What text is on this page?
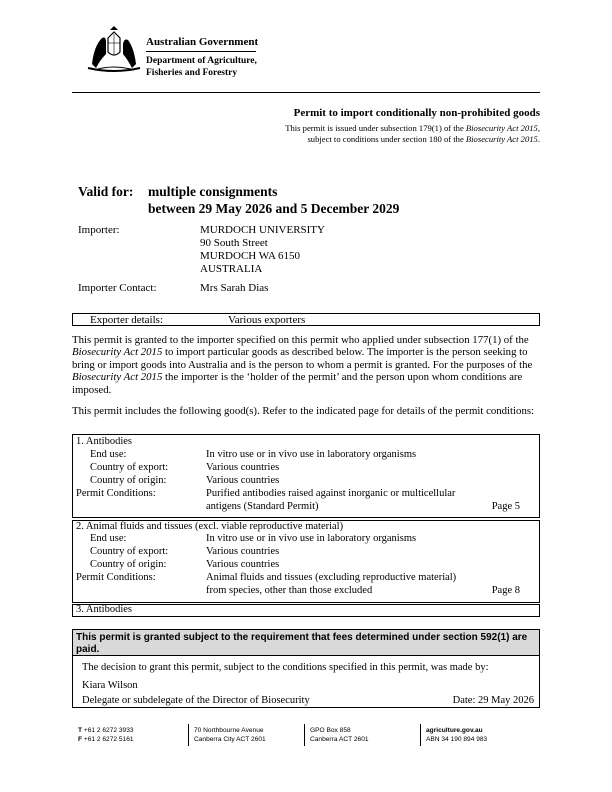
Australian Government
Department of Agriculture,
Fisheries and Forestry
Permit to import conditionally non-prohibited goods
This permit is issued under subsection 179(1) of the Biosecurity Act 2015,
subject to conditions under section 180 of the Biosecurity Act 2015.
Valid for: multiple consignments
between 29 May 2026 and 5 December 2029
Importer:	MURDOCH UNIVERSITY
90 South Street
MURDOCH WA 6150
AUSTRALIA
Importer Contact:	Mrs Sarah Dias
Exporter details:	Various exporters
This permit is granted to the importer specified on this permit who applied under subsection 177(1) of the Biosecurity Act 2015 to import particular goods as described below. The importer is the person seeking to bring or import goods into Australia and is the person to whom a permit is granted. For the purposes of the Biosecurity Act 2015 the importer is the ‘holder of the permit’ and the person upon whom conditions are imposed.
This permit includes the following good(s). Refer to the indicated page for details of the permit conditions:
1. Antibodies
End use:	In vitro use or in vivo use in laboratory organisms
Country of export:	Various countries
Country of origin:	Various countries
Permit Conditions:	Purified antibodies raised against inorganic or multicellular
antigens (Standard Permit)	Page 5
2. Animal fluids and tissues (excl. viable reproductive material)
End use:	In vitro use or in vivo use in laboratory organisms
Country of export:	Various countries
Country of origin:	Various countries
Permit Conditions:	Animal fluids and tissues (excluding reproductive material)
from species, other than those excluded	Page 8
3. Antibodies
This permit is granted subject to the requirement that fees determined under section 592(1) are paid.
The decision to grant this permit, subject to the conditions specified in this permit, was made by:
Kiara Wilson
Delegate or subdelegate of the Director of Biosecurity	Date: 29 May 2026
T +61 2 6272 3933
F +61 2 6272 5161
70 Northbourne Avenue
Canberra City ACT 2601
GPO Box 858
Canberra ACT 2601
agriculture.gov.au
ABN 34 190 894 983
